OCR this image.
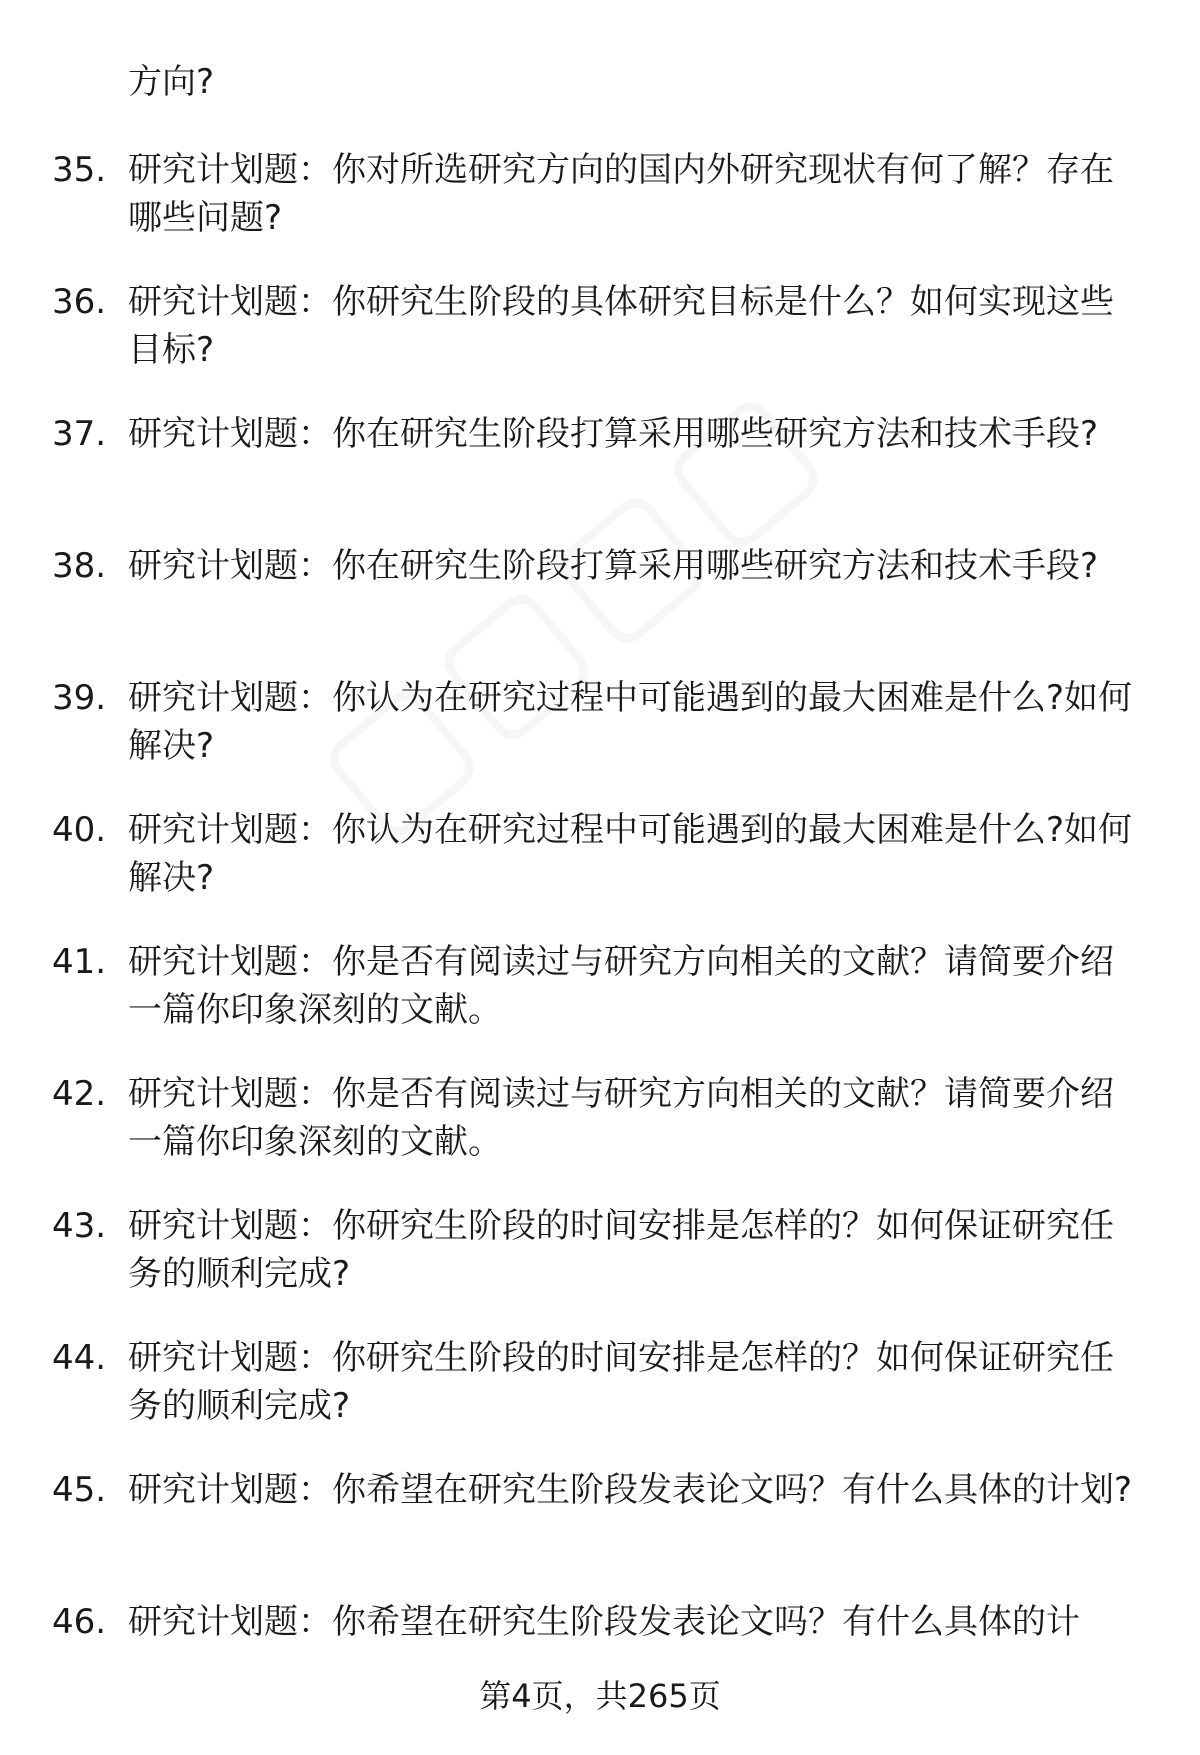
方向?
35. 研究计划题：你对所选研究方向的国内外研究现状有何了解？存在哪些问题?
36. 研究计划题：你研究生阶段的具体研究目标是什么？如何实现这些目标?
37. 研究计划题：你在研究生阶段打算采用哪些研究方法和技术手段?
38. 研究计划题：你在研究生阶段打算采用哪些研究方法和技术手段?
39. 研究计划题：你认为在研究过程中可能遇到的最大困难是什么?如何解决?
40. 研究计划题：你认为在研究过程中可能遇到的最大困难是什么?如何解决?
41. 研究计划题：你是否有阅读过与研究方向相关的文献？请简要介绍一篇你印象深刻的文献。
42. 研究计划题：你是否有阅读过与研究方向相关的文献？请简要介绍一篇你印象深刻的文献。
43. 研究计划题：你研究生阶段的时间安排是怎样的？如何保证研究任务的顺利完成?
44. 研究计划题：你研究生阶段的时间安排是怎样的？如何保证研究任务的顺利完成?
45. 研究计划题：你希望在研究生阶段发表论文吗？有什么具体的计划?
46. 研究计划题：你希望在研究生阶段发表论文吗？有什么具体的计
第4页，共265页
